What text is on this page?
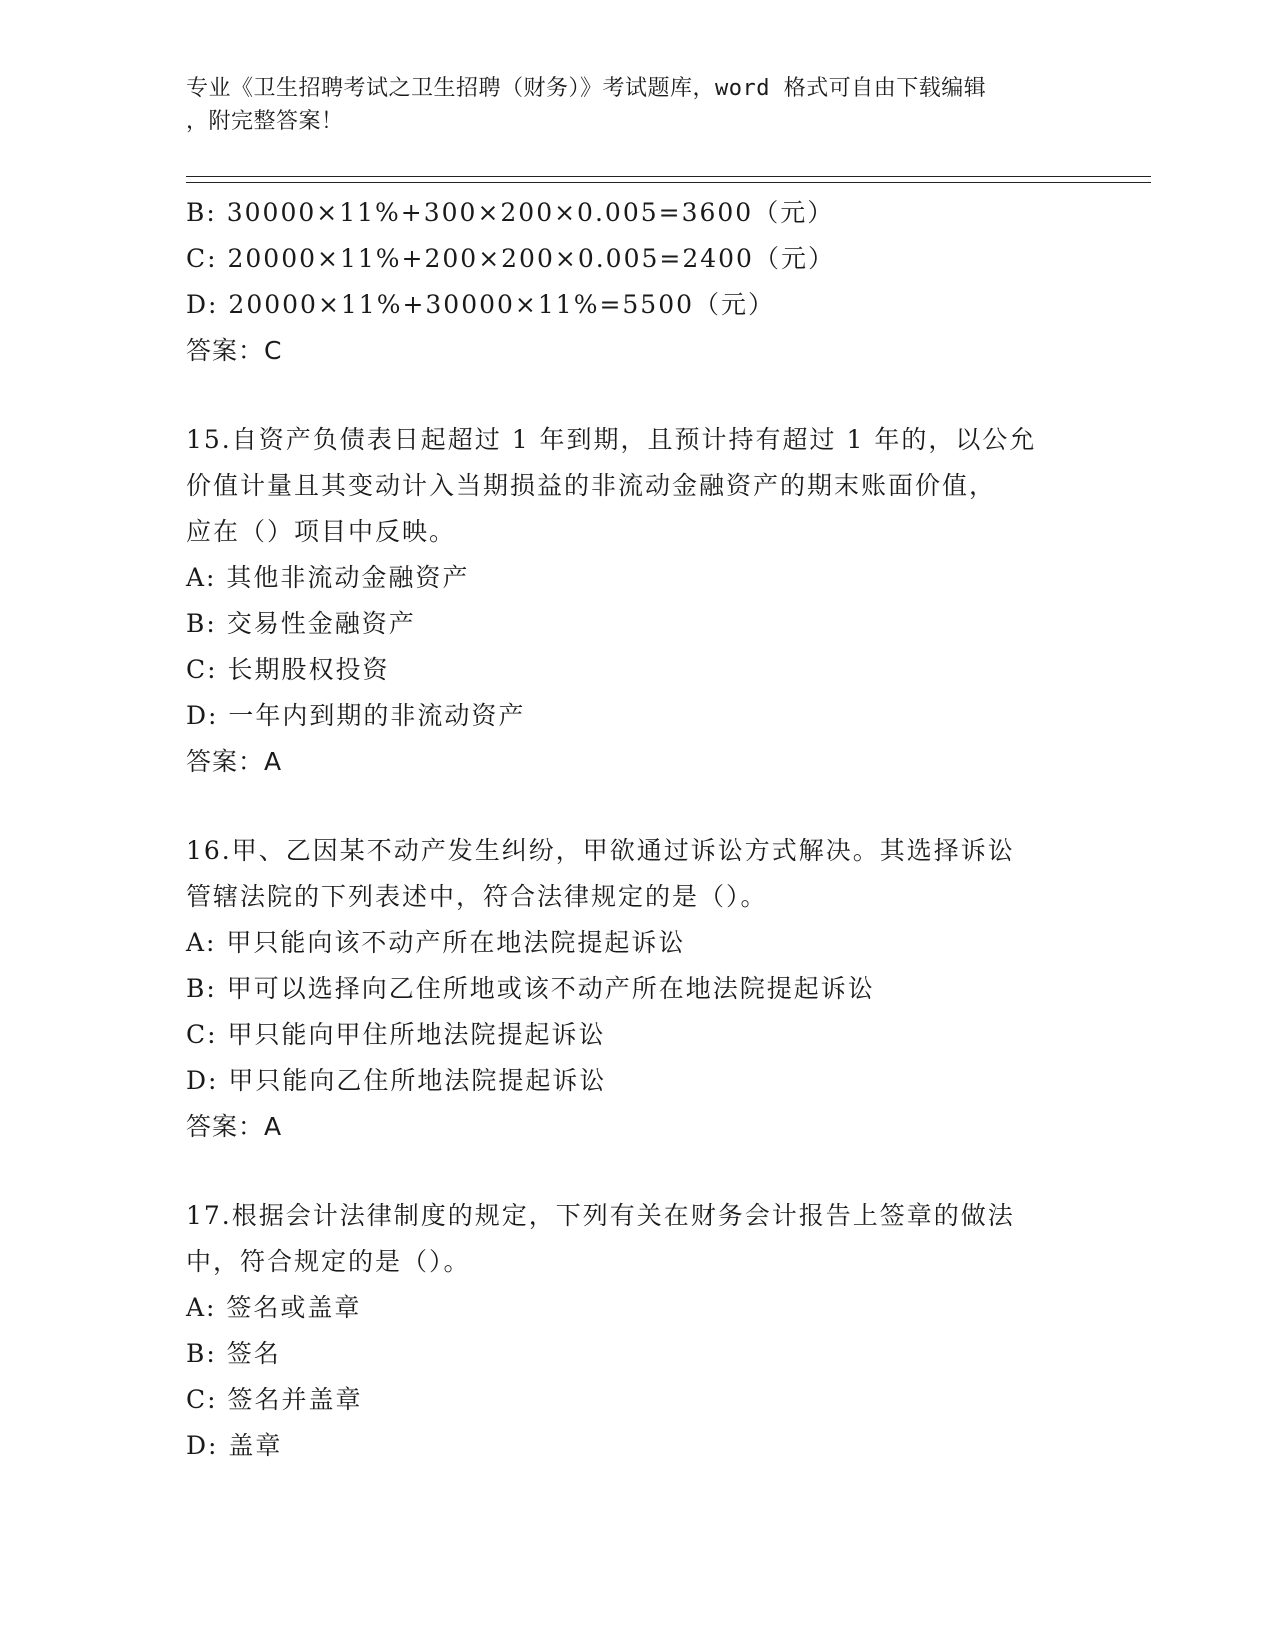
专业《卫生招聘考试之卫生招聘（财务）》考试题库，word 格式可自由下载编辑
，附完整答案！
B: 30000×11%+300×200×0.005=3600（元）
C: 20000×11%+200×200×0.005=2400（元）
D: 20000×11%+30000×11%=5500（元）
答案：C
15.自资产负债表日起超过 1 年到期，且预计持有超过 1 年的，以公允
价值计量且其变动计入当期损益的非流动金融资产的期末账面价值，
应在（）项目中反映。
A: 其他非流动金融资产
B: 交易性金融资产
C: 长期股权投资
D: 一年内到期的非流动资产
答案：A
16.甲、乙因某不动产发生纠纷，甲欲通过诉讼方式解决。其选择诉讼
管辖法院的下列表述中，符合法律规定的是（）。
A: 甲只能向该不动产所在地法院提起诉讼
B: 甲可以选择向乙住所地或该不动产所在地法院提起诉讼
C: 甲只能向甲住所地法院提起诉讼
D: 甲只能向乙住所地法院提起诉讼
答案：A
17.根据会计法律制度的规定，下列有关在财务会计报告上签章的做法
中，符合规定的是（）。
A: 签名或盖章
B: 签名
C: 签名并盖章
D: 盖章
